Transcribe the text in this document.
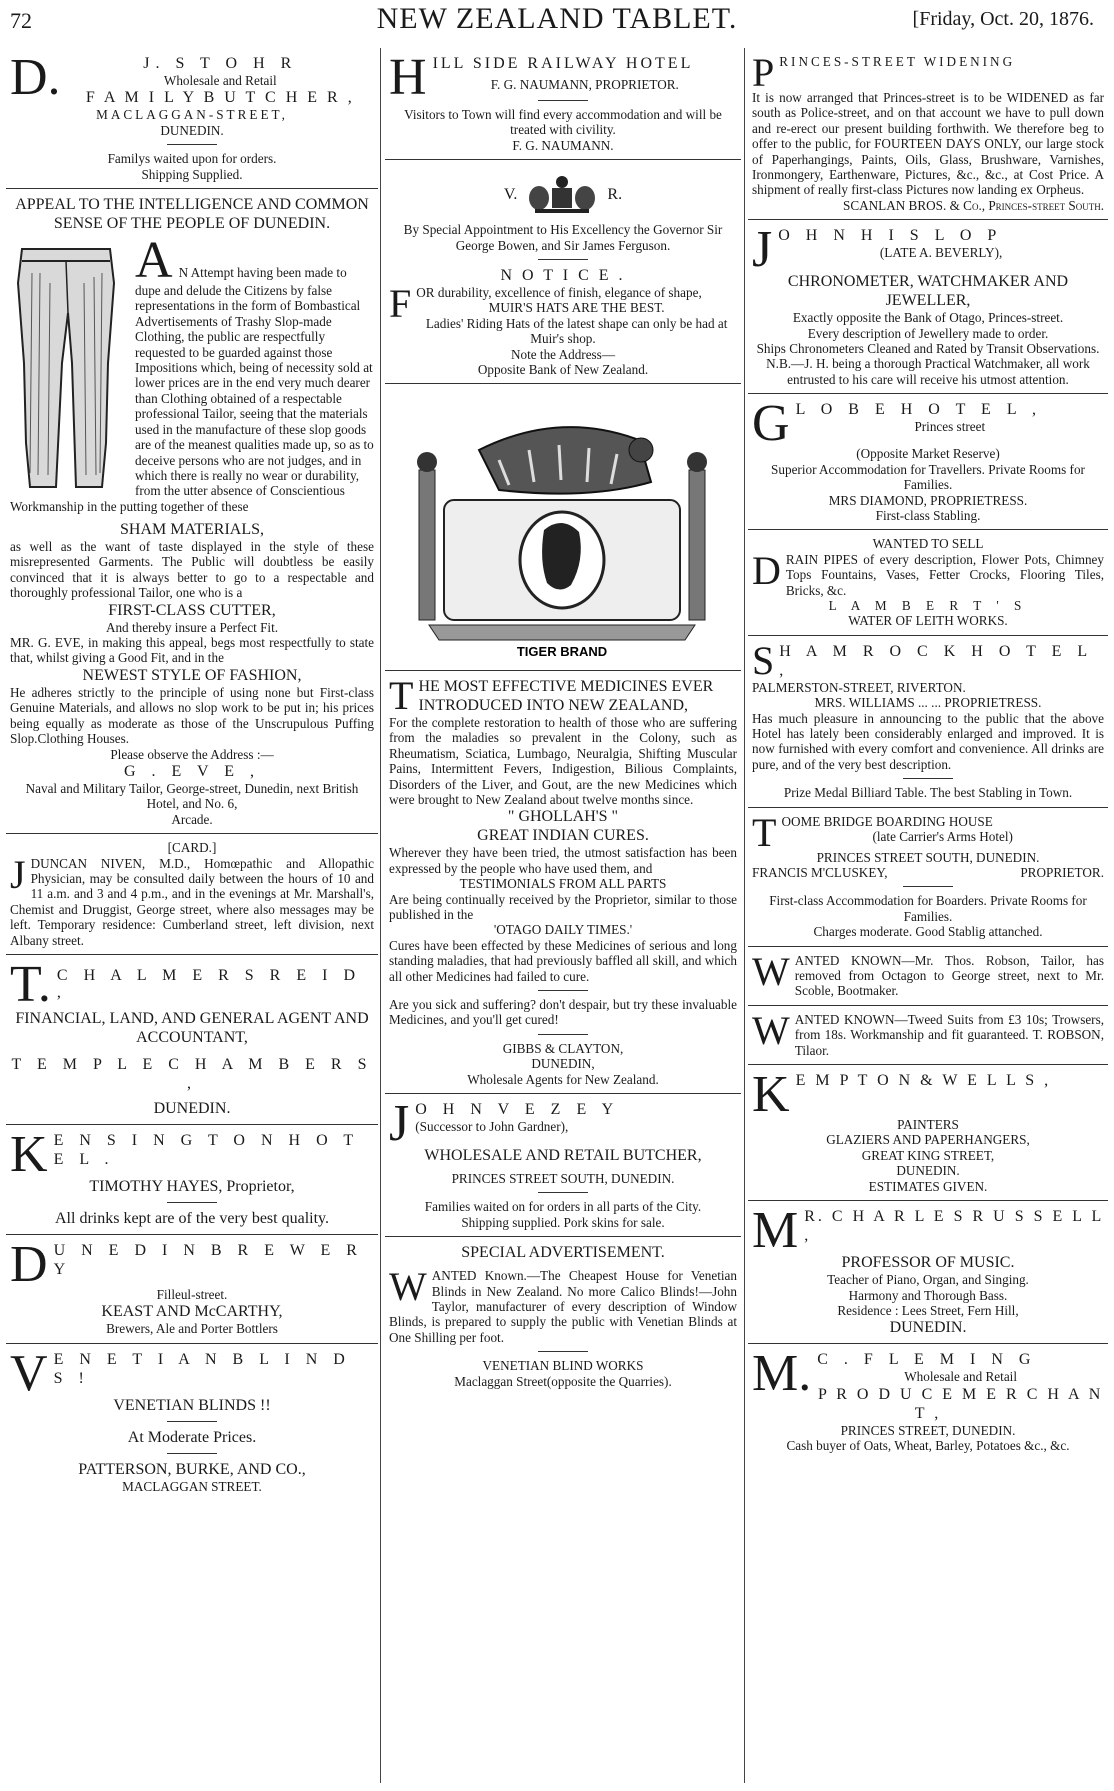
72	NEW ZEALAND TABLET.	[Friday, Oct. 20, 1876.
D.	J. S T O H R
Wholesale and Retail
F A M I L Y B U T C H E R ,
MACLAGGAN-STREET,
DUNEDIN.
Familys waited upon for orders.
Shipping Supplied.
APPEAL TO THE INTELLIGENCE AND COMMON SENSE OF THE PEOPLE OF DUNEDIN.
A N Attempt having been made to dupe and delude the Citizens by false representations in the form of Bombastical Advertisements of Trashy Slop-made Clothing, the public are respectfully requested to be guarded against those Impositions which, being of necessity sold at lower prices are in the end very much dearer than Clothing obtained of a respectable professional Tailor, seeing that the materials used in the manufacture of these slop goods are of the meanest qualities made up, so as to deceive persons who are not judges, and in which there is really no wear or durability, from the utter absence of Conscientious Workmanship in the putting together of these
SHAM MATERIALS,
as well as the want of taste displayed in the style of these misrepresented Garments. The Public will doubtless be easily convinced that it is always better to go to a respectable and thoroughly professional Tailor, one who is a
FIRST-CLASS CUTTER,
And thereby insure a Perfect Fit.
MR. G. EVE, in making this appeal, begs most respectfully to state that, whilst giving a Good Fit, and in the
NEWEST STYLE OF FASHION,
He adheres strictly to the principle of using none but First-class Genuine Materials, and allows no slop work to be put in; his prices being equally as moderate as those of the Unscrupulous Puffing Slop.Clothing Houses.
Please observe the Address :—
G . E V E ,
Naval and Military Tailor, George-street, Dunedin, next British Hotel, and No. 6,
Arcade.
[CARD.]
JDUNCAN NIVEN, M.D., Homœpathic and Allopathic Physician, may be consulted daily between the hours of 10 and 11 a.m. and 3 and 4 p.m., and in the evenings at Mr. Marshall's, Chemist and Druggist, George street, where also messages may be left. Temporary residence: Cumberland street, left division, next Albany street.
T. C H A L M E R S R E I D ,
FINANCIAL, LAND, AND GENERAL AGENT AND ACCOUNTANT,
T E M P L E C H A M B E R S ,
DUNEDIN.
K E N S I N G T O N H O T E L .
TIMOTHY HAYES, Proprietor,
All drinks kept are of the very best quality.
D U N E D I N B R E W E R Y
Filleul-street.
KEAST AND McCARTHY,
Brewers, Ale and Porter Bottlers
V E N E T I A N B L I N D S !
VENETIAN BLINDS !!
At Moderate Prices.
PATTERSON, BURKE, AND CO.,
MACLAGGAN STREET.
H ILL SIDE RAILWAY HOTEL
F. G. NAUMANN, PROPRIETOR.
Visitors to Town will find every accommodation and will be treated with civility.
F. G. NAUMANN.
V.	R.
By Special Appointment to His Excellency the Governor Sir George Bowen, and Sir James Ferguson.
N O T I C E .
FOR durability, excellence of finish, elegance of shape,
MUIR'S HATS ARE THE BEST.
Ladies' Riding Hats of the latest shape can only be had at Muir's shop.
Note the Address—
Opposite Bank of New Zealand.
TIGER BRAND
THE MOST EFFECTIVE MEDICINES EVER INTRODUCED INTO NEW ZEALAND,
For the complete restoration to health of those who are suffering from the maladies so prevalent in the Colony, such as Rheumatism, Sciatica, Lumbago, Neuralgia, Shifting Muscular Pains, Intermittent Fevers, Indigestion, Bilious Complaints, Disorders of the Liver, and Gout, are the new Medicines which were brought to New Zealand about twelve months since.
" GHOLLAH'S "
GREAT INDIAN CURES.
Wherever they have been tried, the utmost satisfaction has been expressed by the people who have used them, and
TESTIMONIALS FROM ALL PARTS
Are being continually received by the Proprietor, similar to those published in the
'OTAGO DAILY TIMES.'
Cures have been effected by these Medicines of serious and long standing maladies, that had previously baffled all skill, and which all other Medicines had failed to cure.
Are you sick and suffering? don't despair, but try these invaluable Medicines, and you'll get cured!
GIBBS & CLAYTON,
DUNEDIN,
Wholesale Agents for New Zealand.
J O H N V E Z E Y
(Successor to John Gardner),
WHOLESALE AND RETAIL BUTCHER,
PRINCES STREET SOUTH, DUNEDIN.
Families waited on for orders in all parts of the City.
Shipping supplied. Pork skins for sale.
SPECIAL ADVERTISEMENT.
WANTED Known.—The Cheapest House for Venetian Blinds in New Zealand. No more Calico Blinds!—John Taylor, manufacturer of every description of Window Blinds, is prepared to supply the public with Venetian Blinds at One Shilling per foot.
VENETIAN BLIND WORKS
Maclaggan Street(opposite the Quarries).
PRINCES-STREET WIDENING
It is now arranged that Princes-street is to be WIDENED as far south as Police-street, and on that account we have to pull down and re-erect our present building forthwith. We therefore beg to offer to the public, for FOURTEEN DAYS ONLY, our large stock of Paperhangings, Paints, Oils, Glass, Brushware, Varnishes, Ironmongery, Earthenware, Pictures, &c., &c., at Cost Price. A shipment of really first-class Pictures now landing ex Orpheus.
SCANLAN BROS. & Co., Princes-street South.
J O H N H I S L O P
(LATE A. BEVERLY),
CHRONOMETER, WATCHMAKER AND JEWELLER,
Exactly opposite the Bank of Otago, Princes-street.
Every description of Jewellery made to order.
Ships Chronometers Cleaned and Rated by Transit Observations.
N.B.—J. H. being a thorough Practical Watchmaker, all work entrusted to his care will receive his utmost attention.
G L O B E H O T E L ,
Princes street
(Opposite Market Reserve)
Superior Accommodation for Travellers. Private Rooms for Families.
MRS DIAMOND, PROPRIETRESS.
First-class Stabling.
WANTED TO SELL
DRAIN PIPES of every description, Flower Pots, Chimney Tops Fountains, Vases, Fetter Crocks, Flooring Tiles, Bricks, &c.
L A M B E R T ' S
WATER OF LEITH WORKS.
S H A M R O C K H O T E L ,
PALMERSTON-STREET, RIVERTON.
MRS. WILLIAMS ... ... PROPRIETRESS.
Has much pleasure in announcing to the public that the above Hotel has lately been considerably enlarged and improved. It is now furnished with every comfort and convenience. All drinks are pure, and of the very best description.
Prize Medal Billiard Table. The best Stabling in Town.
TOOME BRIDGE BOARDING HOUSE
(late Carrier's Arms Hotel)
PRINCES STREET SOUTH, DUNEDIN.
FRANCIS M'CLUSKEY,	PROPRIETOR.
First-class Accommodation for Boarders. Private Rooms for Families.
Charges moderate. Good Stablig attanched.
WANTED KNOWN—Mr. Thos. Robson, Tailor, has removed from Octagon to George street, next to Mr. Scoble, Bootmaker.
WANTED KNOWN—Tweed Suits from £3 10s; Trowsers, from 18s. Workmanship and fit guaranteed. T. ROBSON, Tilaor.
K E M P T O N & W E L L S ,
PAINTERS
GLAZIERS AND PAPERHANGERS,
GREAT KING STREET,
DUNEDIN.
ESTIMATES GIVEN.
M R. C H A R L E S R U S S E L L ,
PROFESSOR OF MUSIC.
Teacher of Piano, Organ, and Singing.
Harmony and Thorough Bass.
Residence : Lees Street, Fern Hill,
DUNEDIN.
M. C . F L E M I N G
Wholesale and Retail
P R O D U C E M E R C H A N T ,
PRINCES STREET, DUNEDIN.
Cash buyer of Oats, Wheat, Barley, Potatoes &c., &c.
